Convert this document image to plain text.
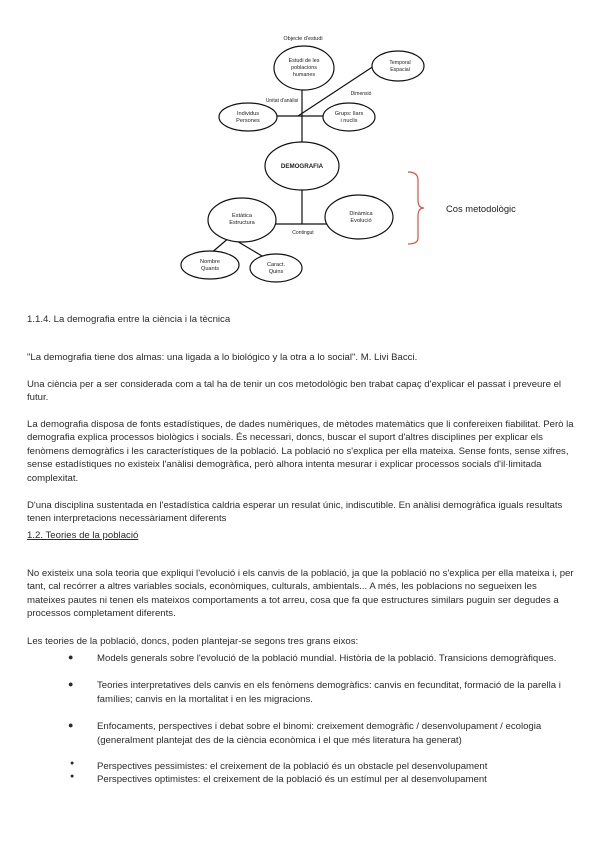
Objecte d'estudi
Estudi de les
poblacions
humanes
Temporal
Espacial
Dimensió
Unitat d'anàlisi
Individus
Persones
Grups: llars
i nuclis
DEMOGRAFIA
Estàtica
Estructura
Dinàmica
Evolució
Contingut
Nombre
Quants
Caract.
Quins
Cos metodològic
1.1.4. La demografia entre la ciència i la tècnica

"La demografia tiene dos almas: una ligada a lo biológico y la otra a lo social". M. Livi Bacci.

Una ciència per a ser considerada com a tal ha de tenir un cos metodològic ben trabat capaç d'explicar el passat i preveure el futur.

La demografia disposa de fonts estadístiques, de dades numèriques, de mètodes matemàtics que li confereixen fiabilitat. Però la demografia explica processos biològics i socials. És necessari, doncs, buscar el suport d'altres disciplines per explicar els fenòmens demogràfics i les característiques de la població. La població no s'explica per ella mateixa. Sense fonts, sense xifres, sense estadístiques no existeix l'anàlisi demogràfica, però alhora intenta mesurar i explicar processos socials d'il·limitada complexitat.

D'una disciplina sustentada en l'estadística caldria esperar un resulat únic, indiscutible. En anàlisi demogràfica iguals resultats tenen interpretacions necessàriament diferents

1.2. Teories de la població

No existeix una sola teoria que expliqui l'evolució i els canvis de la població, ja que la població no s'explica per ella mateixa i, per tant, cal recórrer a altres variables socials, econòmiques, culturals, ambientals... A més, les poblacions no segueixen les mateixes pautes ni tenen els mateixos comportaments a tot arreu, cosa que fa que estructures similars puguin ser degudes a processos completament diferents.

Les teories de la població, doncs, poden plantejar-se segons tres grans eixos:

● Models generals sobre l'evolució de la població mundial. Història de la població. Transicions demogràfiques.
● Teories interpretatives dels canvis en els fenòmens demogràfics: canvis en fecunditat, formació de la parella i famílies; canvis en la mortalitat i en les migracions.
● Enfocaments, perspectives i debat sobre el binomi: creixement demogràfic / desenvolupament / ecologia (generalment plantejat des de la ciència econòmica i el que més literatura ha generat)
● Perspectives pessimistes: el creixement de la població és un obstacle pel desenvolupament
● Perspectives optimistes: el creixement de la població és un estímul per al desenvolupament
